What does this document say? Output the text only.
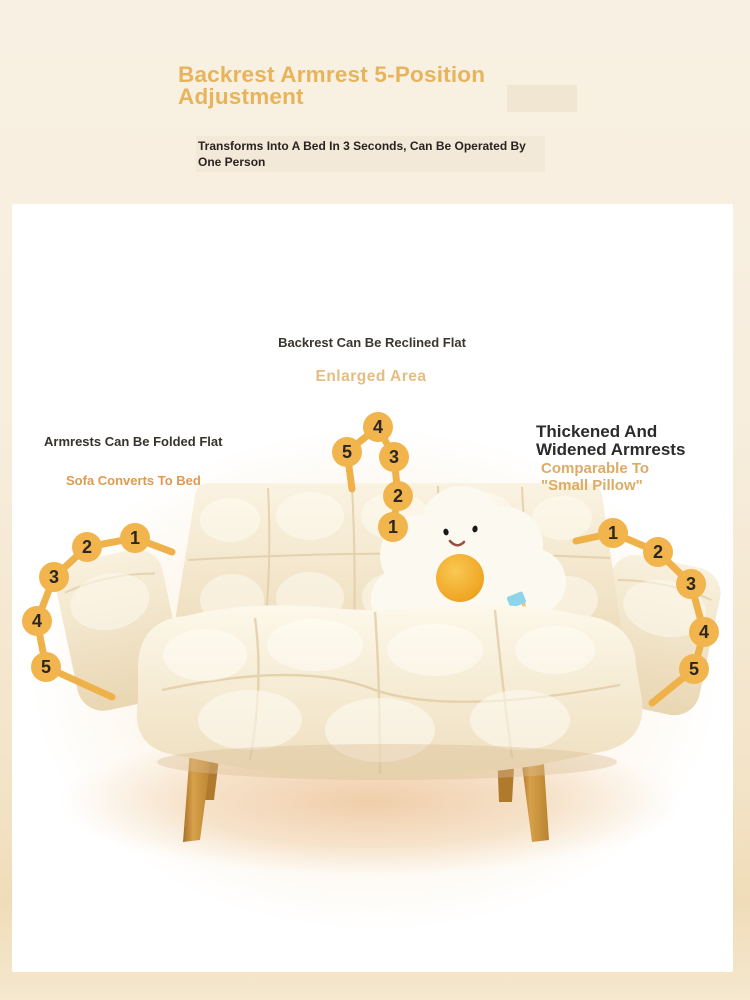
Backrest Armrest 5-Position
Adjustment

Transforms Into A Bed In 3 Seconds, Can Be Operated By
One Person

Backrest Can Be Reclined Flat
Enlarged Area
Armrests Can Be Folded Flat
Sofa Converts To Bed
Thickened And
Widened Armrests
Comparable To
"Small Pillow"
1
2
3
4
5
1
2
3
4
5
1
2
3
4
5
